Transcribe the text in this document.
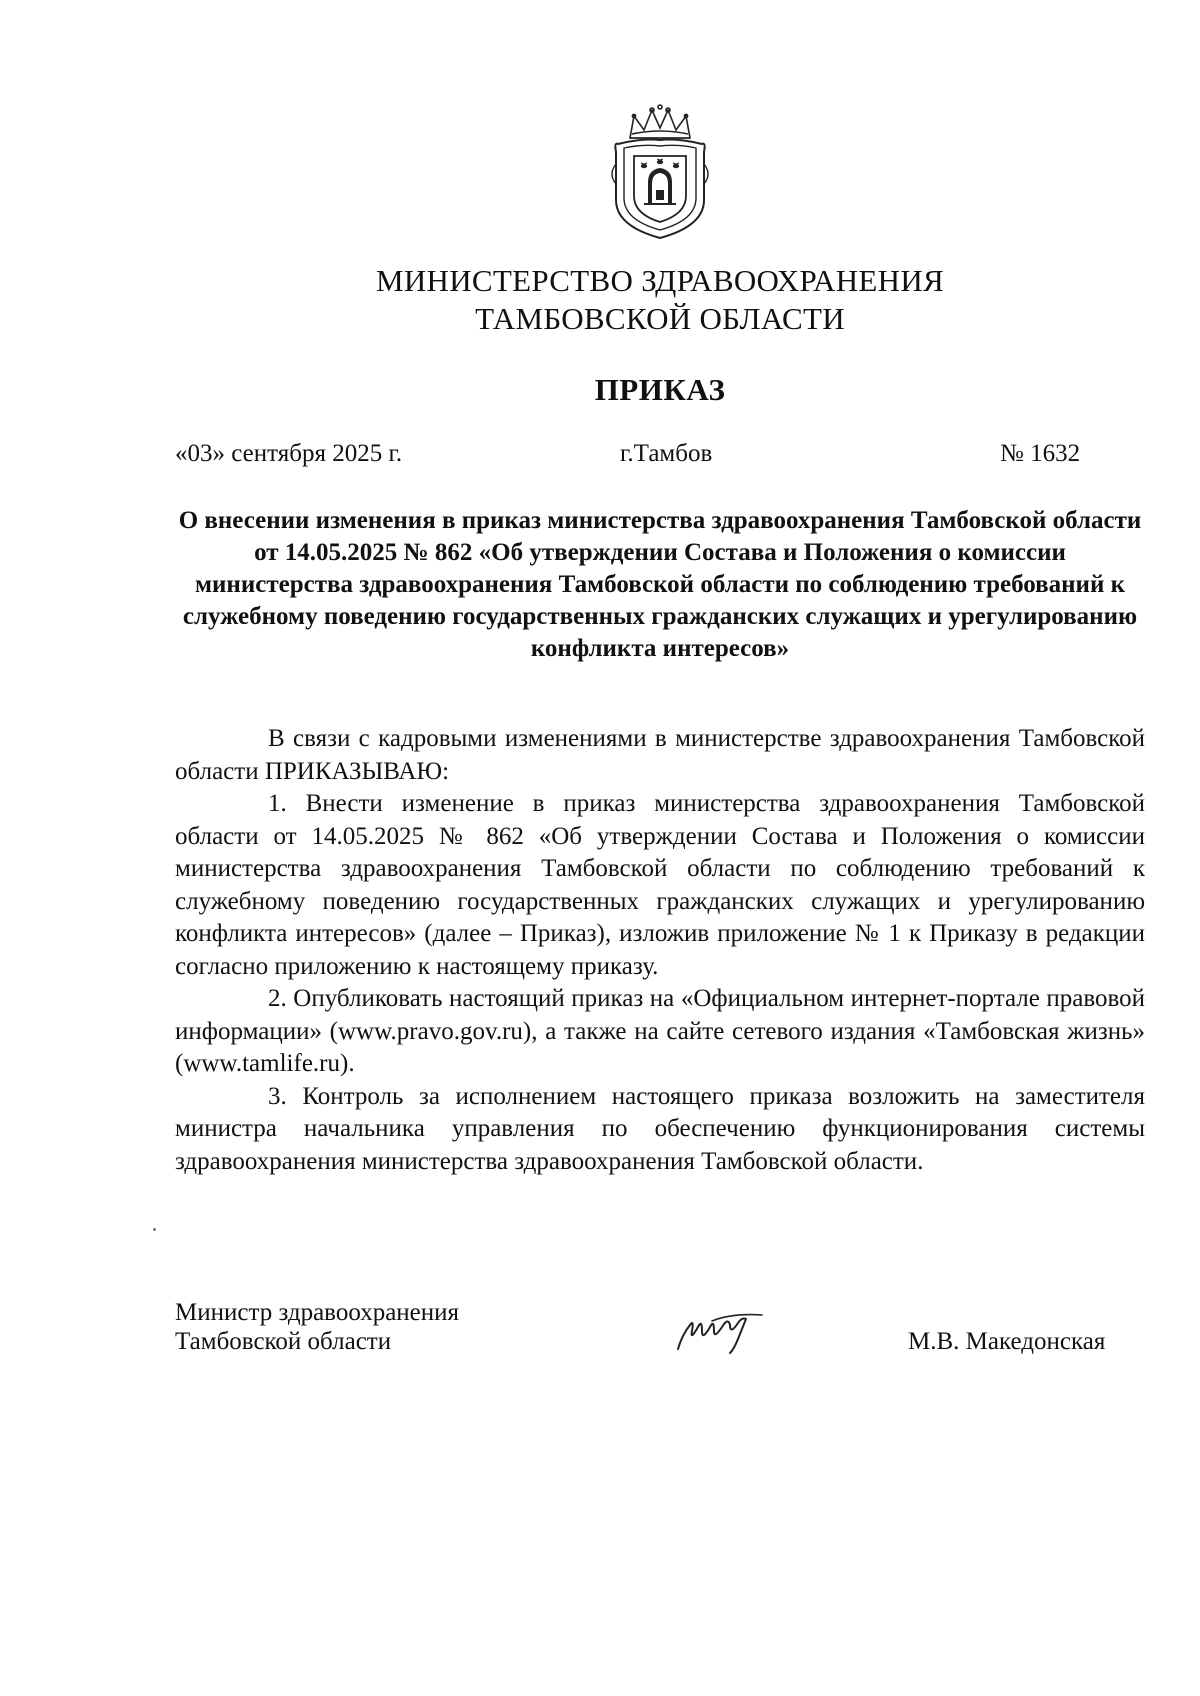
МИНИСТЕРСТВО ЗДРАВООХРАНЕНИЯ
ТАМБОВСКОЙ ОБЛАСТИ
ПРИКАЗ
«03» сентября 2025 г.	г.Тамбов	№ 1632
О внесении изменения в приказ министерства здравоохранения Тамбовской области от 14.05.2025 № 862 «Об утверждении Состава и Положения о комиссии министерства здравоохранения Тамбовской области по соблюдению требований к служебному поведению государственных гражданских служащих и урегулированию конфликта интересов»

В связи с кадровыми изменениями в министерстве здравоохранения Тамбовской области ПРИКАЗЫВАЮ:

1. Внести изменение в приказ министерства здравоохранения Тамбовской области от 14.05.2025 № 862 «Об утверждении Состава и Положения о комиссии министерства здравоохранения Тамбовской области по соблюдению требований к служебному поведению государственных гражданских служащих и урегулированию конфликта интересов» (далее – Приказ), изложив приложение № 1 к Приказу в редакции согласно приложению к настоящему приказу.

2. Опубликовать настоящий приказ на «Официальном интернет-портале правовой информации» (www.pravo.gov.ru), а также на сайте сетевого издания «Тамбовская жизнь» (www.tamlife.ru).

3. Контроль за исполнением настоящего приказа возложить на заместителя министра начальника управления по обеспечению функционирования системы здравоохранения министерства здравоохранения Тамбовской области.

Министр здравоохранения
Тамбовской области	М.В. Македонская
